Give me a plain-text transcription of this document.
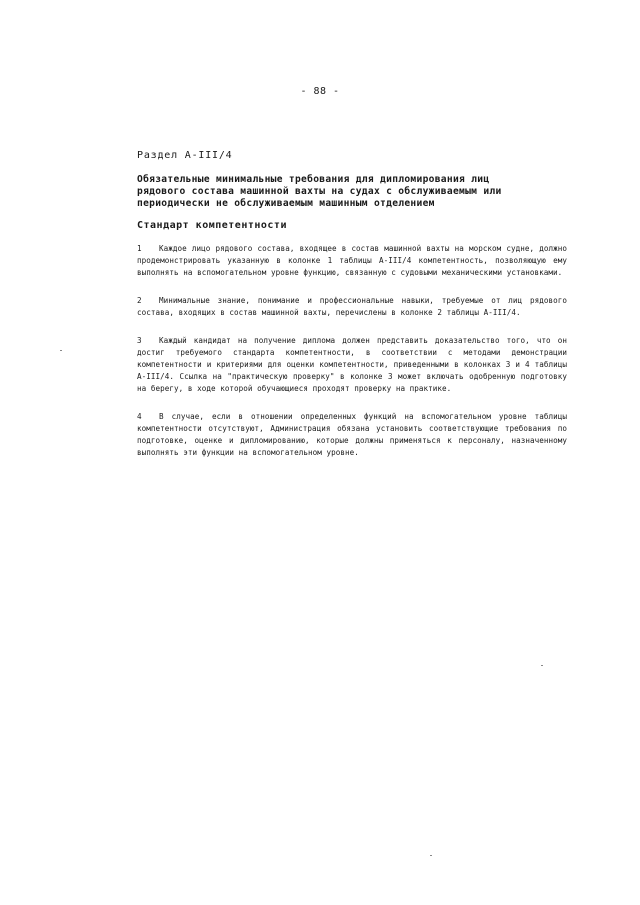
- 88 -
Раздел A-III/4
Обязательные минимальные требования для дипломирования лиц
рядового состава машинной вахты на судах с обслуживаемым или
периодически не обслуживаемым машинным отделением
Стандарт компетентности

1 Каждое лицо рядового состава, входящее в состав машинной вахты на морском судне, должно продемонстрировать указанную в колонке 1 таблицы A-III/4 компетентность, позволяющую ему выполнять на вспомогательном уровне функцию, связанную с судовыми механическими установками.

2 Минимальные знание, понимание и профессиональные навыки, требуемые от лиц рядового состава, входящих в состав машинной вахты, перечислены в колонке 2 таблицы A-III/4.

3 Каждый кандидат на получение диплома должен представить доказательство того, что он достиг требуемого стандарта компетентности, в соответствии с методами демонстрации компетентности и критериями для оценки компетентности, приведенными в колонках 3 и 4 таблицы A-III/4. Ссылка на "практическую проверку" в колонке 3 может включать одобренную подготовку на берегу, в ходе которой обучающиеся проходят проверку на практике.

4 В случае, если в отношении определенных функций на вспомогательном уровне таблицы компетентности отсутствуют, Администрация обязана установить соответствующие требования по подготовке, оценке и дипломированию, которые должны применяться к персоналу, назначенному выполнять эти функции на вспомогательном уровне.
